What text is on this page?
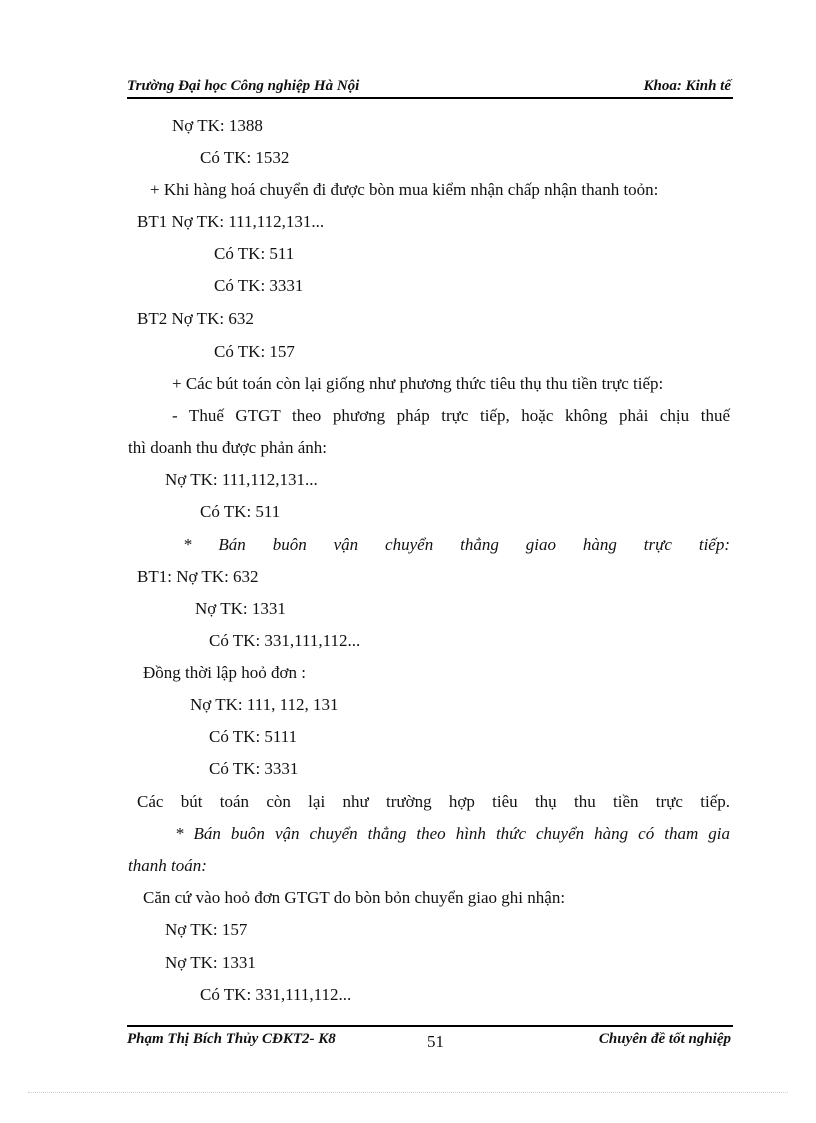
Trường Đại học Công nghiệp Hà Nội	Khoa: Kinh tế
Nợ TK: 1388
Có TK: 1532
+ Khi hàng hoá chuyển đi được bòn mua kiểm nhận chấp nhận thanh toỏn:
BT1 Nợ TK: 111,112,131...
Có TK: 511
Có TK: 3331
BT2 Nợ TK: 632
Có TK: 157
+ Các bút toán còn lại giống như phương thức tiêu thụ thu tiền trực tiếp:
- Thuế GTGT theo phương pháp trực tiếp, hoặc không phải chịu thuế
thì doanh thu được phản ánh:
Nợ TK: 111,112,131...
Có TK: 511
* Bán buôn vận chuyển thẳng giao hàng trực tiếp:
BT1: Nợ TK: 632
Nợ TK: 1331
Có TK: 331,111,112...
Đồng thời lập hoỏ đơn :
Nợ TK: 111, 112, 131
Có TK: 5111
Có TK: 3331
Các bút toán còn lại như trường hợp tiêu thụ thu tiền trực tiếp.
* Bán buôn vận chuyển thẳng theo hình thức chuyển hàng có tham gia
thanh toán:
Căn cứ vào hoỏ đơn GTGT do bòn bỏn chuyển giao ghi nhận:
Nợ TK: 157
Nợ TK: 1331
Có TK: 331,111,112...
Phạm Thị Bích Thủy CĐKT2- K8	51	Chuyên đề tốt nghiệp
